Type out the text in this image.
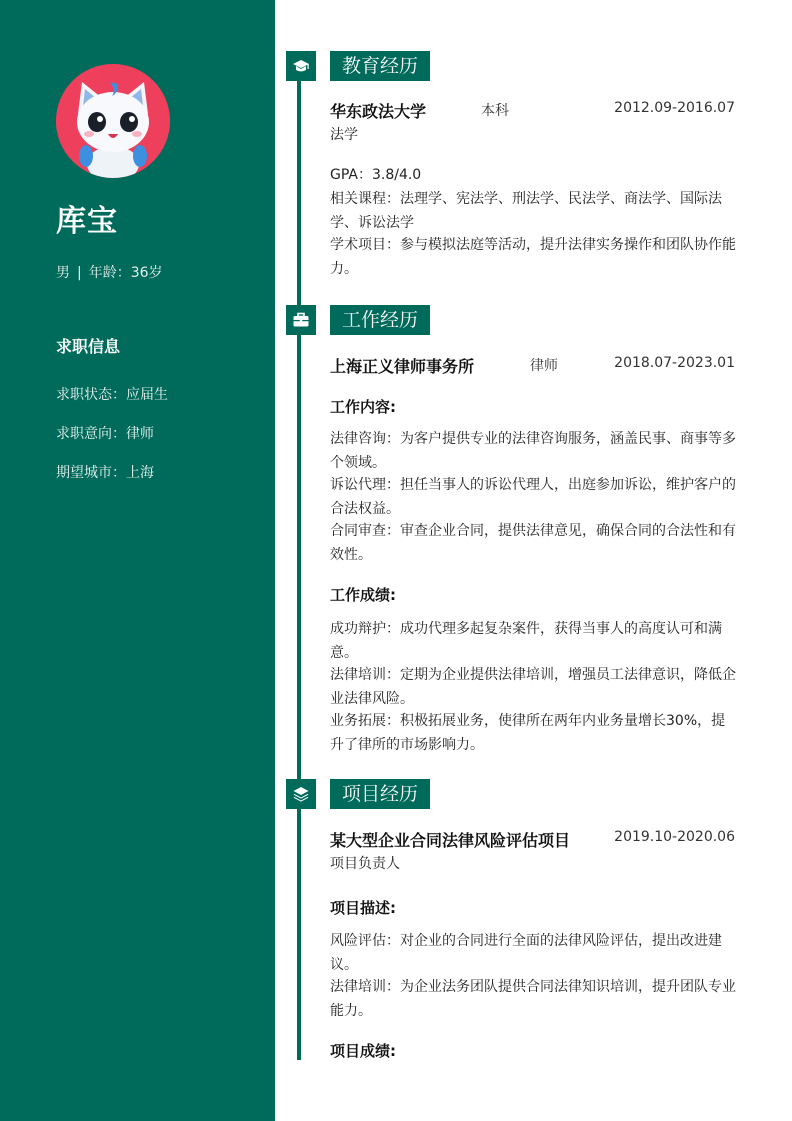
库宝
男 | 年龄：36岁
求职信息
求职状态：应届生
求职意向：律师
期望城市：上海
教育经历
华东政法大学	本科	2012.09-2016.07
法学
GPA：3.8/4.0
相关课程：法理学、宪法学、刑法学、民法学、商法学、国际法学、诉讼法学
学术项目：参与模拟法庭等活动，提升法律实务操作和团队协作能力。
工作经历
上海正义律师事务所	律师	2018.07-2023.01
工作内容:
法律咨询：为客户提供专业的法律咨询服务，涵盖民事、商事等多个领域。
诉讼代理：担任当事人的诉讼代理人，出庭参加诉讼，维护客户的合法权益。
合同审查：审查企业合同，提供法律意见，确保合同的合法性和有效性。
工作成绩:
成功辩护：成功代理多起复杂案件，获得当事人的高度认可和满意。
法律培训：定期为企业提供法律培训，增强员工法律意识，降低企业法律风险。
业务拓展：积极拓展业务，使律所在两年内业务量增长30%，提升了律所的市场影响力。
项目经历
某大型企业合同法律风险评估项目	2019.10-2020.06
项目负责人
项目描述:
风险评估：对企业的合同进行全面的法律风险评估，提出改进建议。
法律培训：为企业法务团队提供合同法律知识培训，提升团队专业能力。
项目成绩:
